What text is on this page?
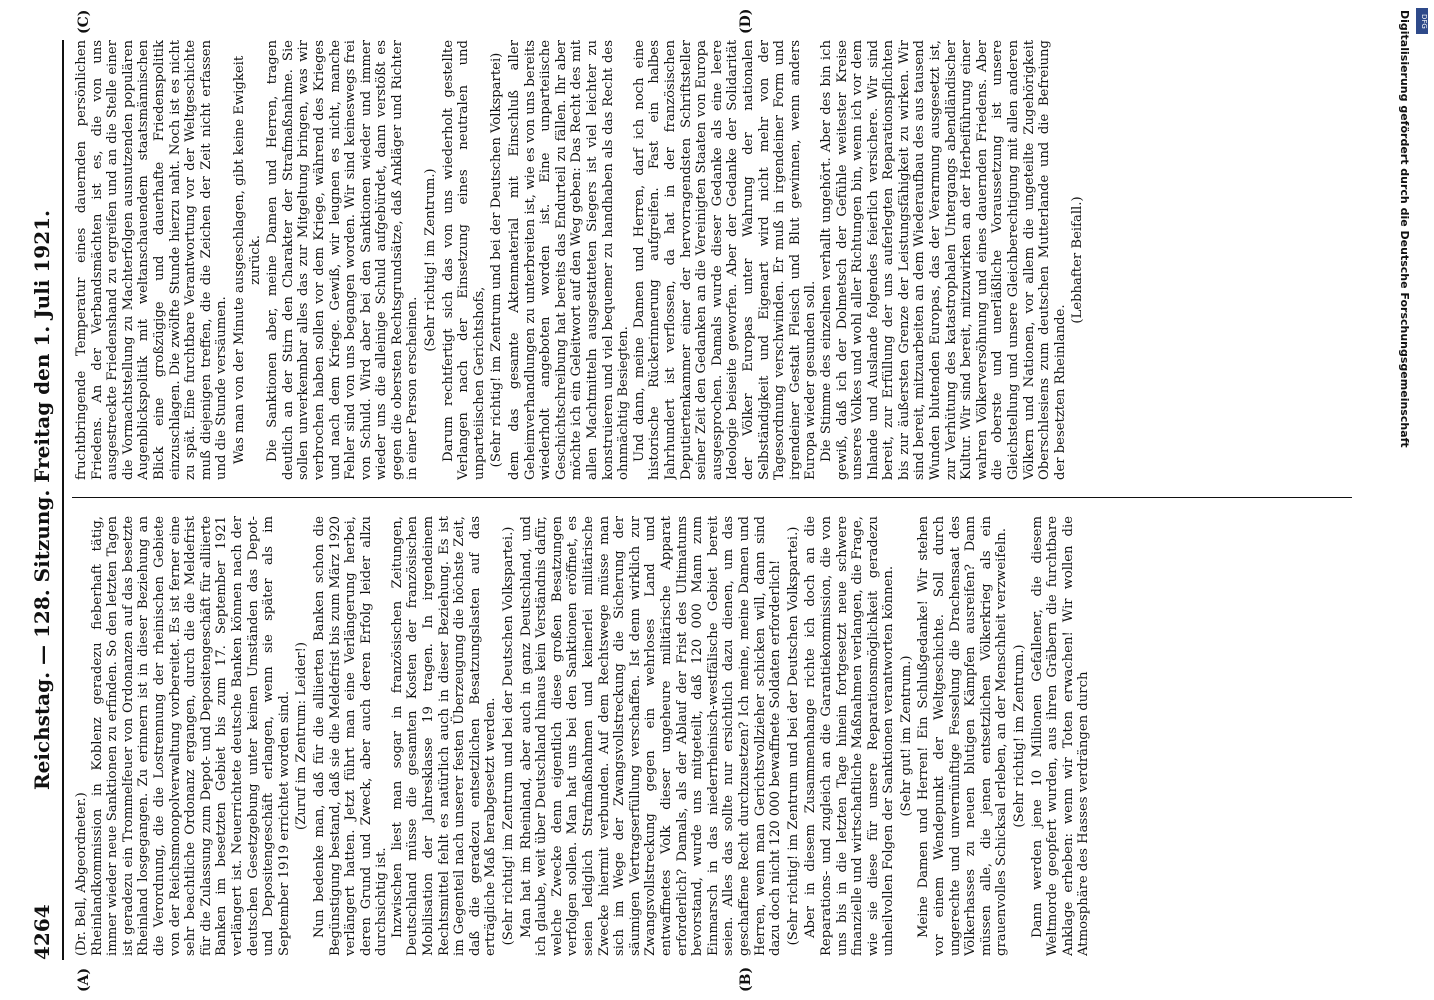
4264
Reichstag. — 128. Sitzung. Freitag den 1. Juli 1921.
(A)	(B)
(C)	(D)

(Dr. Bell, Abgeordneter.) Rheinlandkommission in Koblenz geradezu fieberhaft tätig, immer wieder neue Sanktionen zu erfinden. So den letzten Tagen ist geradezu ein Trommelfeuer von Ordonanzen auf das besetzte Rheinland losgegangen. Zu erinnern ist in dieser Beziehung an die Verordnung, die die Lostrennung der rheinischen Gebiete von der Reichsmonopolverwaltung vorbereitet. Es ist ferner eine sehr beachtliche Ordonanz ergangen, durch die die Meldefrist für die Zulassung zum Depot- und Depositengeschäft für alliierte Banken im besetzten Gebiet bis zum 17. September 1921 verlängert ist. Neuerrichtete deutsche Banken können nach der deutschen Gesetzgebung unter keinen Umständen das Depot- und Depositengeschäft erlangen, wenn sie später als im September 1919 errichtet worden sind. (Zuruf im Zentrum: Leider!) Nun bedenke man, daß für die alliierten Banken schon die Begünstigung bestand, daß sie die Meldefrist bis zum März 1920 verlängert hatten. Jetzt führt man eine Verlängerung herbei, deren Grund und Zweck, aber auch deren Erfolg leider allzu durchsichtig ist. Inzwischen liest man sogar in französischen Zeitungen, Deutschland müsse die gesamten Kosten der französischen Mobilisation der Jahresklasse 19 tragen. In irgendeinem Rechtsmittel fehlt es natürlich auch in dieser Beziehung. Es ist im Gegenteil nach unserer festen Überzeugung die höchste Zeit, daß die geradezu entsetzlichen Besatzungslasten auf das erträgliche Maß herabgesetzt werden. (Sehr richtig! im Zentrum und bei der Deutschen Volkspartei.) Man hat im Rheinland, aber auch in ganz Deutschland, und ich glaube, weit über Deutschland hinaus kein Verständnis dafür, welche Zwecke denn eigentlich diese großen Besatzungen verfolgen sollen. Man hat uns bei den Sanktionen eröffnet, es seien lediglich Strafmaßnahmen und keinerlei militärische Zwecke hiermit verbunden. Auf dem Rechtswege müsse man sich im Wege der Zwangsvollstreckung die Sicherung der säumigen Vertragserfüllung verschaffen. Ist denn wirklich zur Zwangsvollstreckung gegen ein wehrloses Land und entwaffnetes Volk dieser ungeheure militärische Apparat erforderlich? Damals, als der Ablauf der Frist des Ultimatums bevorstand, wurde uns mitgeteilt, daß 120 000 Mann zum Einmarsch in das niederrheinisch-westfälische Gebiet bereit seien. Alles das sollte nur ersichtlich dazu dienen, um das geschaffene Recht durchzusetzen? Ich meine, meine Damen und Herren, wenn man Gerichtsvollzieher schicken will, dann sind dazu doch nicht 120 000 bewaffnete Soldaten erforderlich! (Sehr richtig! im Zentrum und bei der Deutschen Volkspartei.) Aber in diesem Zusammenhange richte ich doch an die Reparations- und zugleich an die Garantiekommission, die von uns bis in die letzten Tage hinein fortgesetzt neue schwere finanzielle und wirtschaftliche Maßnahmen verlangen, die Frage, wie sie diese für unsere Reparationsmöglichkeit geradezu unheilvollen Folgen der Sanktionen verantworten können. (Sehr gut! im Zentrum.) Meine Damen und Herren! Ein Schlußgedanke! Wir stehen vor einem Wendepunkt der Weltgeschichte. Soll durch ungerechte und unvernünftige Fesselung die Drachensaat des Völkerhasses zu neuen blutigen Kämpfen ausreifen? Dann müssen alle, die jenen entsetzlichen Völkerkrieg als ein grauenvolles Schicksal erleben, an der Menschheit verzweifeln. (Sehr richtig! im Zentrum.) Dann werden jene 10 Millionen Gefallener, die diesem Weltmorde geopfert wurden, aus ihren Gräbern die furchtbare Anklage erheben: wenn wir Toten erwachen! Wir wollen die Atmosphäre des Hasses verdrängen durch

fruchtbringende Temperatur eines dauernden persönlichen Friedens. An der Verbandsmächten ist es, die von uns ausgestreckte Friedenshand zu ergreifen und an die Stelle einer die Vormachtstellung zu Machterfolgen ausnutzenden populären Augenblickspolitik mit weltanschauendem staatsmännischen Blick eine großzügige und dauerhafte Friedenspolitik einzuschlagen. Die zwölfte Stunde hierzu naht. Noch ist es nicht zu spät. Eine furchtbare Verantwortung vor der Weltgeschichte muß diejenigen treffen, die die Zeichen der Zeit nicht erfassen und die Stunde versäumen. Was man von der Minute ausgeschlagen, gibt keine Ewigkeit zurück. Die Sanktionen aber, meine Damen und Herren, tragen deutlich an der Stirn den Charakter der Strafmaßnahme. Sie sollen unverkennbar alles das zur Mitgeltung bringen, was wir verbrochen haben sollen vor dem Kriege, während des Krieges und nach dem Kriege. Gewiß, wir leugnen es nicht, manche Fehler sind von uns begangen worden. Wir sind keineswegs frei von Schuld. Wird aber bei den Sanktionen wieder und immer wieder uns die alleinige Schuld aufgebürdet, dann verstößt es gegen die obersten Rechtsgrundsätze, daß Ankläger und Richter in einer Person erscheinen.

(Sehr richtig! im Zentrum.) Darum rechtfertigt sich das von uns wiederholt gestellte Verlangen nach der Einsetzung eines neutralen und unparteiischen Gerichtshofs, (Sehr richtig! im Zentrum und bei der Deutschen Volkspartei) dem das gesamte Aktenmaterial mit Einschluß aller Geheimverhandlungen zu unterbreiten ist, wie es von uns bereits wiederholt angeboten worden ist. Eine unparteiische Geschichtschreibung hat bereits das Endurteil zu fällen. Ihr aber möchte ich ein Geleitwort auf den Weg geben: Das Recht des mit allen Machtmitteln ausgestatteten Siegers ist viel leichter zu konstruieren und viel bequemer zu handhaben als das Recht des ohnmächtig Besiegten. Und dann, meine Damen und Herren, darf ich noch eine historische Rückerinnerung aufgreifen. Fast ein halbes Jahrhundert ist verflossen, da hat in der französischen Deputiertenkammer einer der hervorragendsten Schriftsteller seiner Zeit den Gedanken an die Vereinigten Staaten von Europa ausgesprochen. Damals wurde dieser Gedanke als eine leere Ideologie beiseite geworfen. Aber der Gedanke der Solidarität der Völker Europas unter Wahrung der nationalen Selbständigkeit und Eigenart wird nicht mehr von der Tagesordnung verschwinden. Er muß in irgendeiner Form und irgendeiner Gestalt Fleisch und Blut gewinnen, wenn anders Europa wieder gesunden soll. Die Stimme des einzelnen verhallt ungehört. Aber des bin ich gewiß, daß ich der Dolmetsch der Gefühle weitester Kreise unseres Volkes und wohl aller Richtungen bin, wenn ich vor dem Inlande und Auslande folgendes feierlich versichere. Wir sind bereit, zur Erfüllung der uns auferlegten Reparationspflichten bis zur äußersten Grenze der Leistungsfähigkeit zu wirken. Wir sind bereit, mitzuarbeiten an dem Wiederaufbau des aus tausend Wunden blutenden Europas, das der Verarmung ausgesetzt ist, zur Verhütung des katastrophalen Untergangs abendländischer Kultur. Wir sind bereit, mitzuwirken an der Herbeiführung einer wahren Völkerversöhnung und eines dauernden Friedens. Aber die oberste und unerläßliche Voraussetzung ist unsere Gleichstellung und unsere Gleichberechtigung mit allen anderen Völkern und Nationen, vor allem die ungeteilte Zugehörigkeit Oberschlesiens zum deutschen Mutterlande und die Befreiung der besetzten Rheinlande.

(Lebhafter Beifall.)

DFG
Digitalisierung gefördert durch die Deutsche Forschungsgemeinschaft
